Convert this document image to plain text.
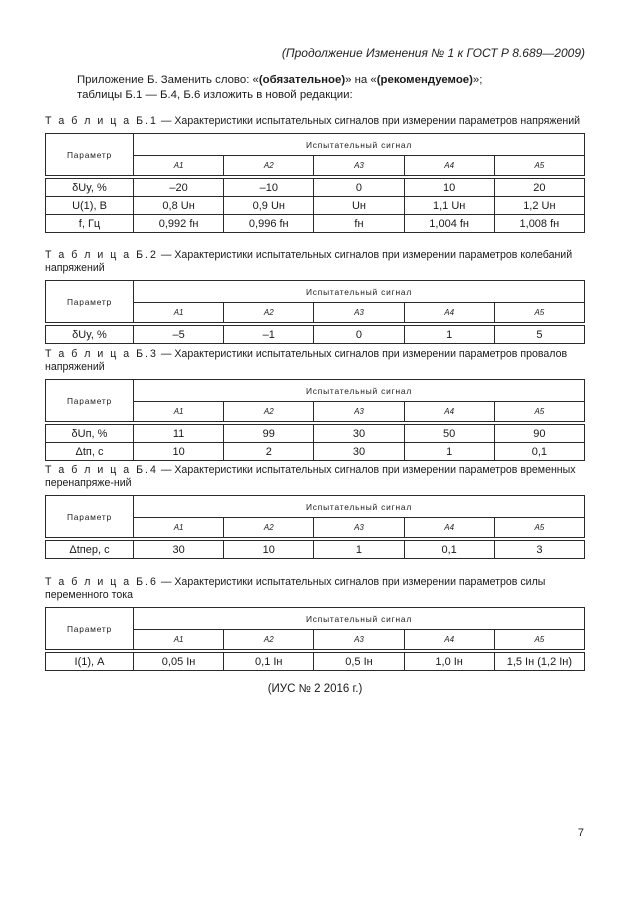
(Продолжение Изменения № 1 к ГОСТ Р 8.689—2009)
Приложение Б. Заменить слово: «(обязательное)» на «(рекомендуемое)»;
таблицы Б.1 — Б.4, Б.6 изложить в новой редакции:
Т а б л и ц а Б.1 — Характеристики испытательных сигналов при измерении параметров напряжений
Параметр	Испытательный сигнал				
	A1	A2	A3	A4	A5

δUy, %	–20	–10	0	10	20
U(1), В	0,8 Uн	0,9 Uн	Uн	1,1 Uн	1,2 Uн
f, Гц	0,992 fн	0,996 fн	fн	1,004 fн	1,008 fн
Т а б л и ц а Б.2 — Характеристики испытательных сигналов при измерении параметров колебаний напряжений
Параметр	Испытательный сигнал				
	A1	A2	A3	A4	A5

δUy, %	–5	–1	0	1	5
Т а б л и ц а Б.3 — Характеристики испытательных сигналов при измерении параметров провалов напряжений
Параметр	Испытательный сигнал				
	A1	A2	A3	A4	A5

δUп, %	11	99	30	50	90
Δtп, с	10	2	30	1	0,1
Т а б л и ц а Б.4 — Характеристики испытательных сигналов при измерении параметров временных перенапряже-ний
Параметр	Испытательный сигнал				
	A1	A2	A3	A4	A5

Δtпер, с	30	10	1	0,1	3
Т а б л и ц а Б.6 — Характеристики испытательных сигналов при измерении параметров силы переменного тока
Параметр	Испытательный сигнал				
	A1	A2	A3	A4	A5

I(1), А	0,05 Iн	0,1 Iн	0,5 Iн	1,0 Iн	1,5 Iн (1,2 Iн)
(ИУС № 2 2016 г.)
7
